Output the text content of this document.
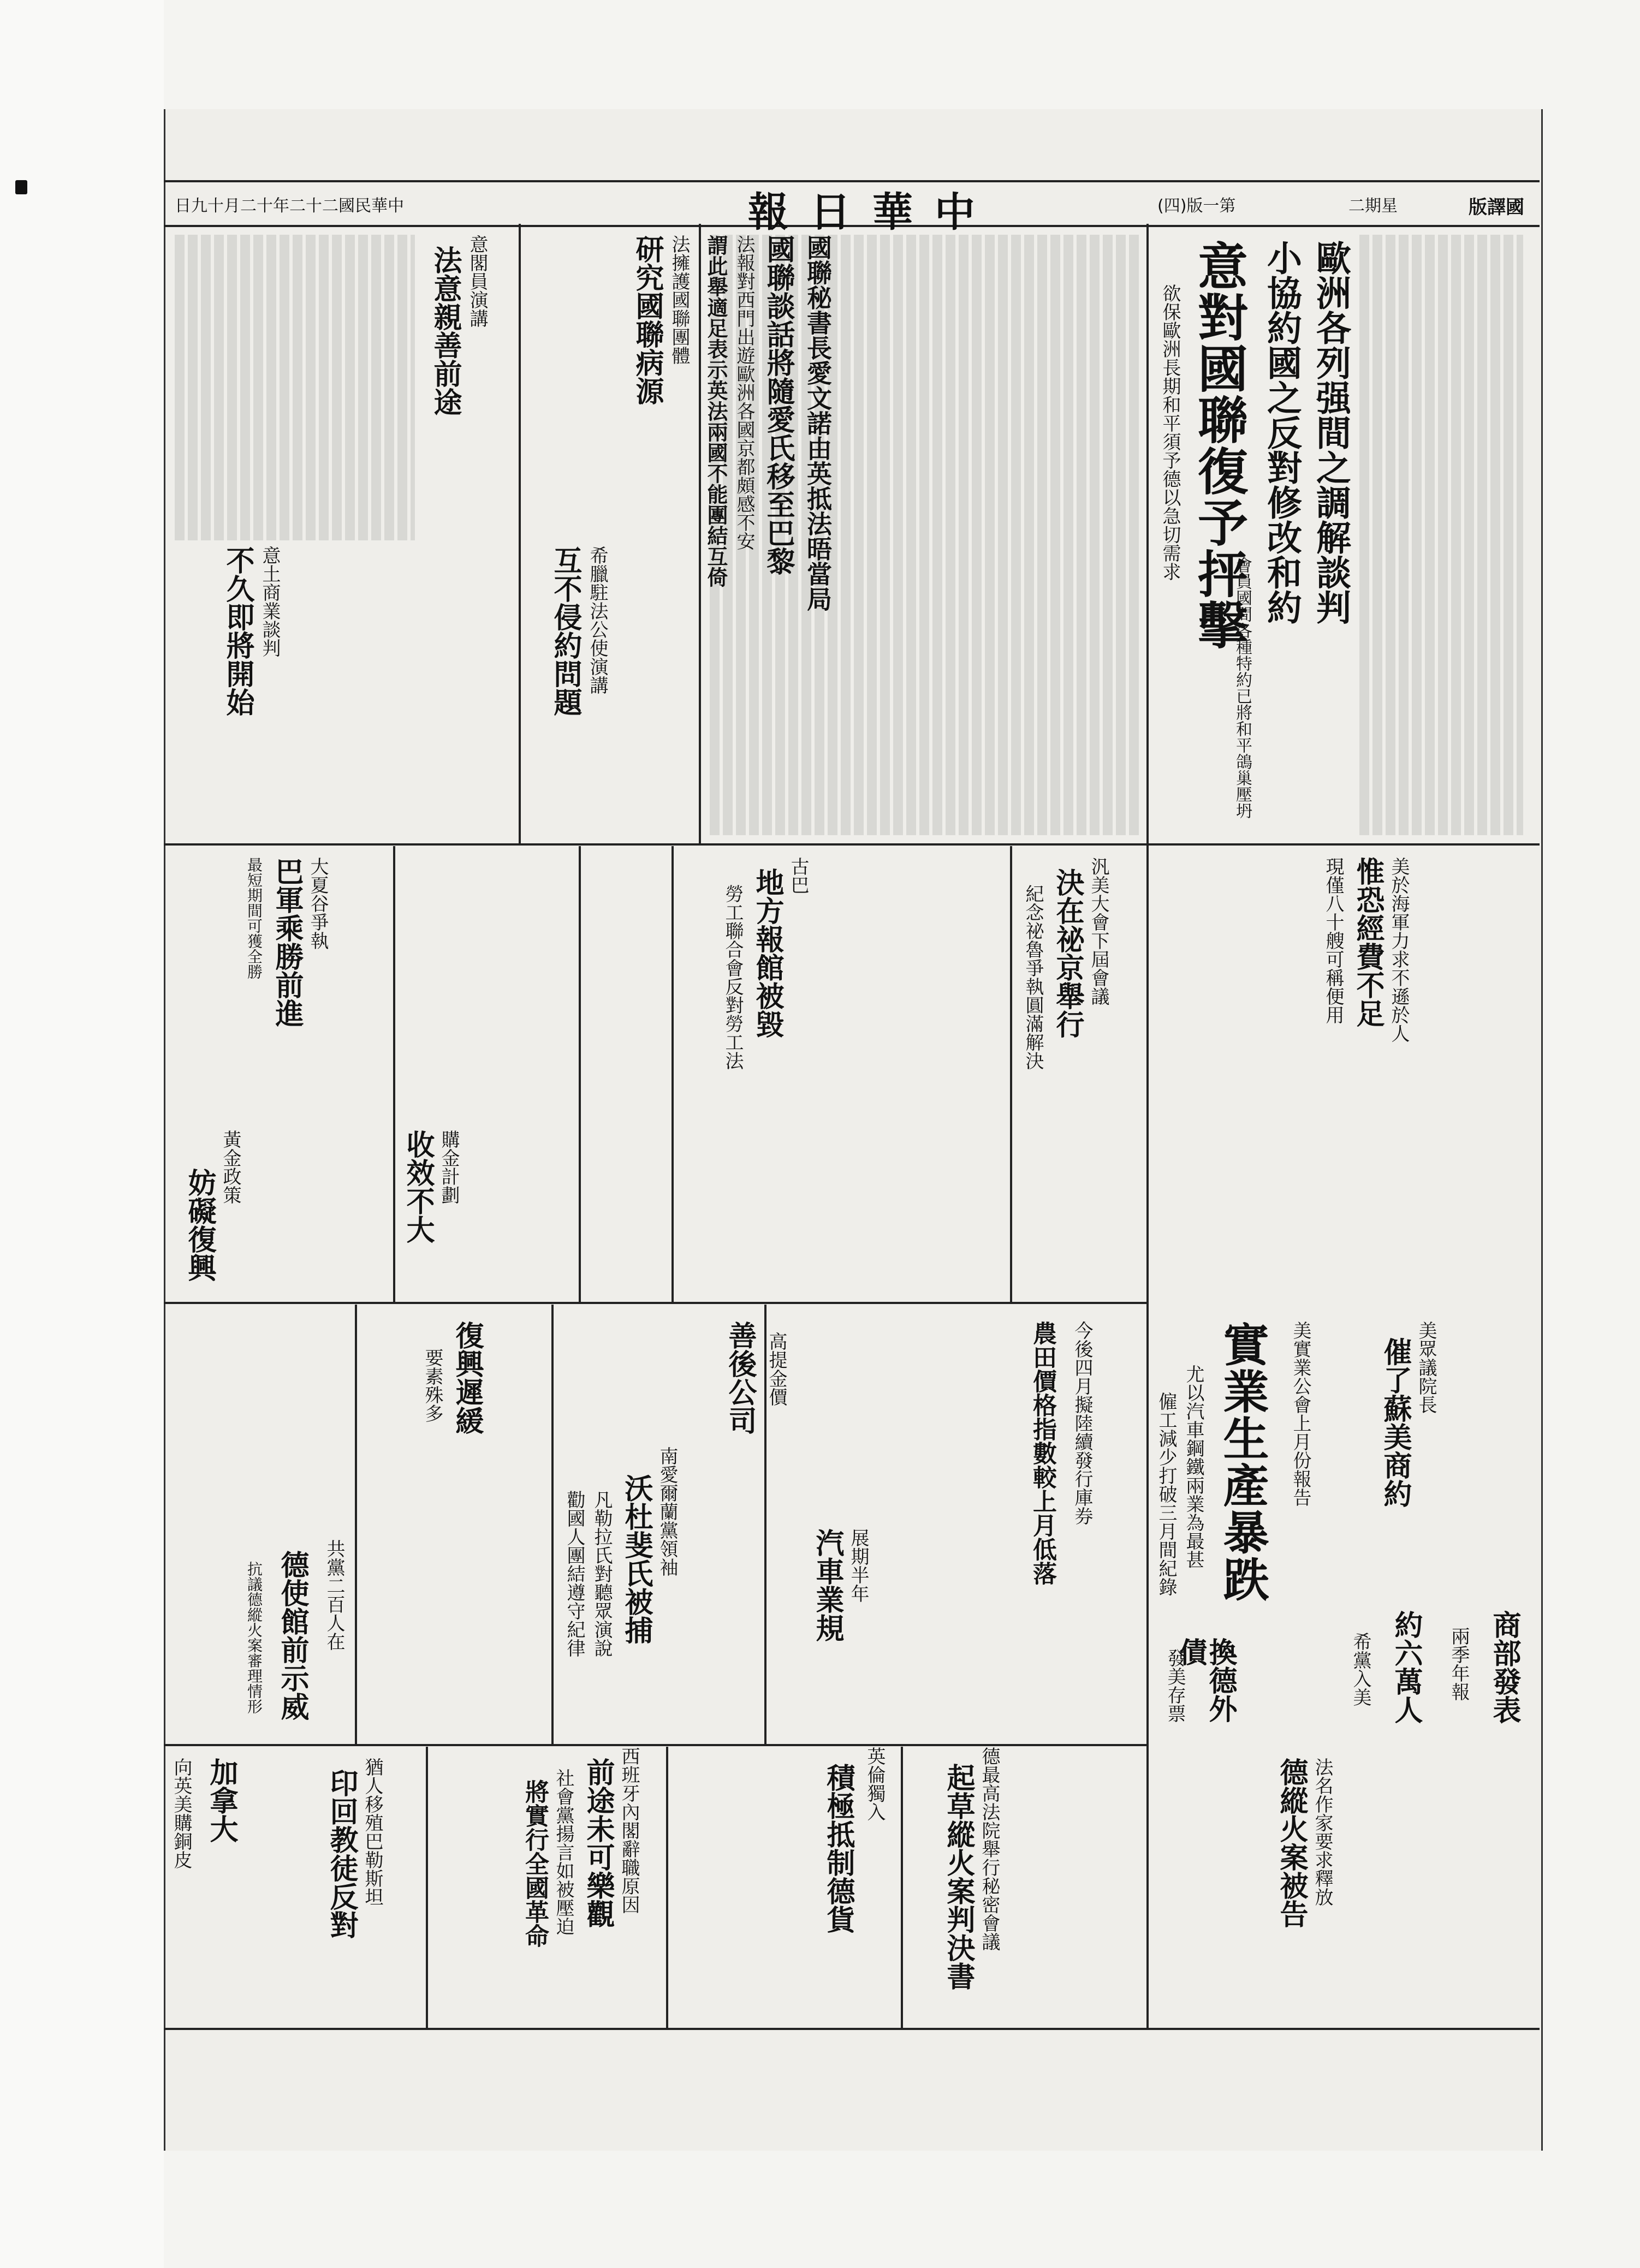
日九十月二十年二十二國民華中	報日華中	(四)版一第	二期星	版譯國
歐洲各列强間之調解談判
小協約國之反對修改和約
意對國聯復予抨擊
欲保歐洲長期和平須予德以急切需求
會員國間各種特約已將和平鴿巢壓坍
國聯秘書長愛文諾由英抵法晤當局
國聯談話將隨愛氏移至巴黎
法報對西門出遊歐洲各國京都頗感不安
謂此舉適足表示英法兩國不能團結互倚
研究國聯病源 法擁護國聯團體
互不侵約問題 希臘駐法公使演講
法意親善前途 意閣員演講
不久即將開始 意土商業談判
美於海軍力求不遜於人
惟恐經費不足
現僅八十艘可稱便用
汎美大會下屆會議
決在祕京舉行
紀念祕魯爭執圓滿解決
古巴
地方報館被毀
勞工聯合會反對勞工法
大夏谷爭執
巴軍乘勝前進
最短期間可獲全勝
美實業公會上月份報告
實業生產暴跌
尤以汽車鋼鐵兩業為最甚
僱工減少打破三月間紀錄
今後四月擬陸續發行庫券
農田價格指數較上月低落	美眾議院長
催了蘇美商約
善後公司 高提金價
汽車業規 展期半年
收效不大 購金計劃
黃金政策
妨礙復興
復興遲緩
要素殊多
換德外債
發美存票	商部發表
兩季年報
約六萬人
希黨入美
法名作家要求釋放
德縱火案被告
南愛爾蘭黨領袖
沃杜斐氏被捕
凡勒拉氏對聽眾演說
勸國人團結遵守紀律
共黨二百人在
德使館前示威
抗議德縱火案審理情形
英倫獨入
積極抵制德貨	德最高法院舉行秘密會議
起草縱火案判決書
西班牙內閣辭職原因
前途未可樂觀
社會黨揚言如被壓迫
將實行全國革命
猶人移殖巴勒斯坦
印回教徒反對
加拿大
向英美購銅皮
